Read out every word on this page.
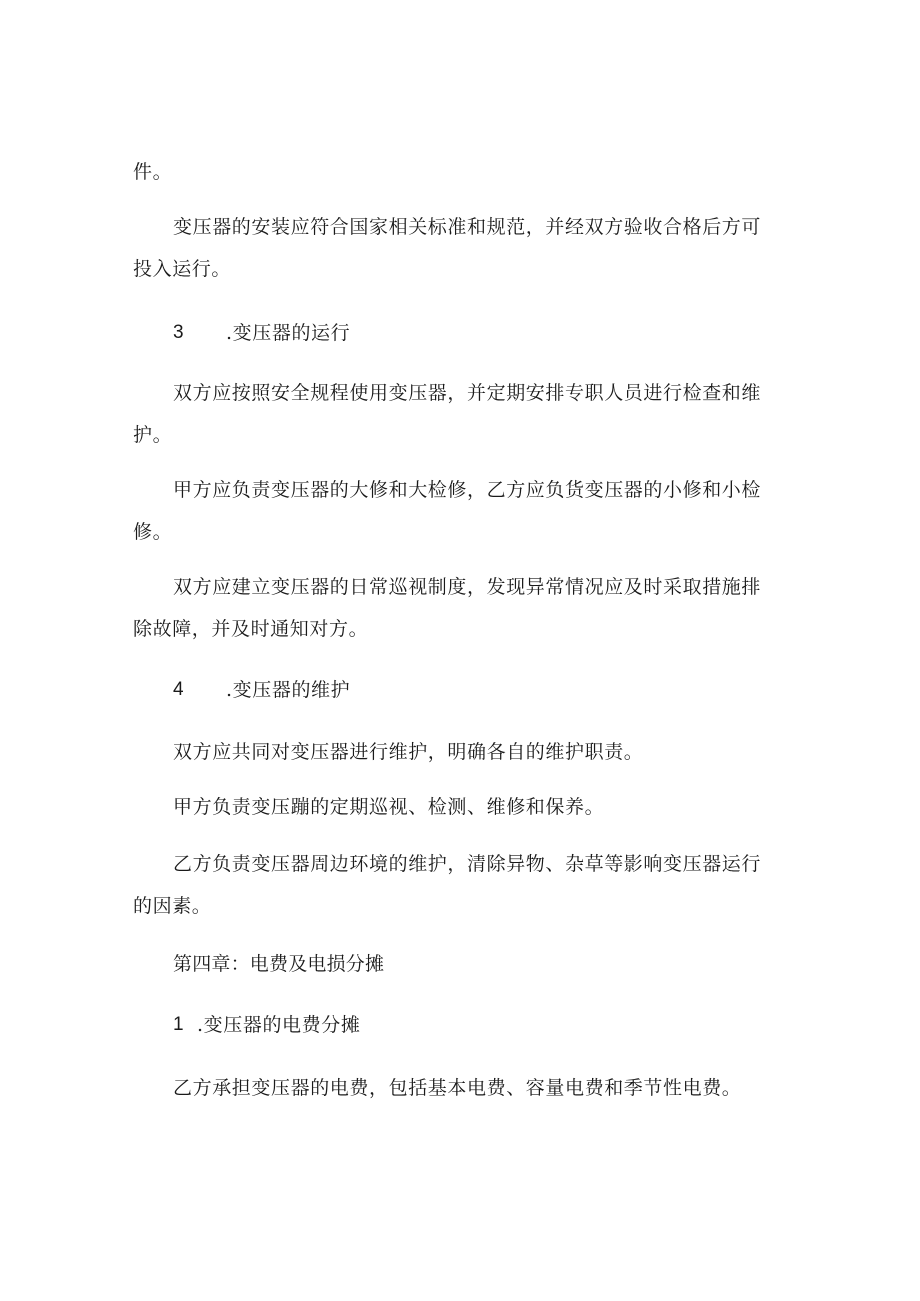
件。
变压器的安装应符合国家相关标准和规范，并经双方验收合格后方可
投入运行。
3 .变压器的运行
双方应按照安全规程使用变压器，并定期安排专职人员进行检查和维
护。
甲方应负责变压器的大修和大检修，乙方应负货变压器的小修和小检
修。
双方应建立变压器的日常巡视制度，发现异常情况应及时采取措施排
除故障，并及时通知对方。
4 .变压器的维护
双方应共同对变压器进行维护，明确各自的维护职责。
甲方负责变压蹦的定期巡视、检测、维修和保养。
乙方负责变压器周边环境的维护，清除异物、杂草等影响变压器运行
的因素。
第四章：电费及电损分摊
1 .变压器的电费分摊
乙方承担变压器的电费，包括基本电费、容量电费和季节性电费。
